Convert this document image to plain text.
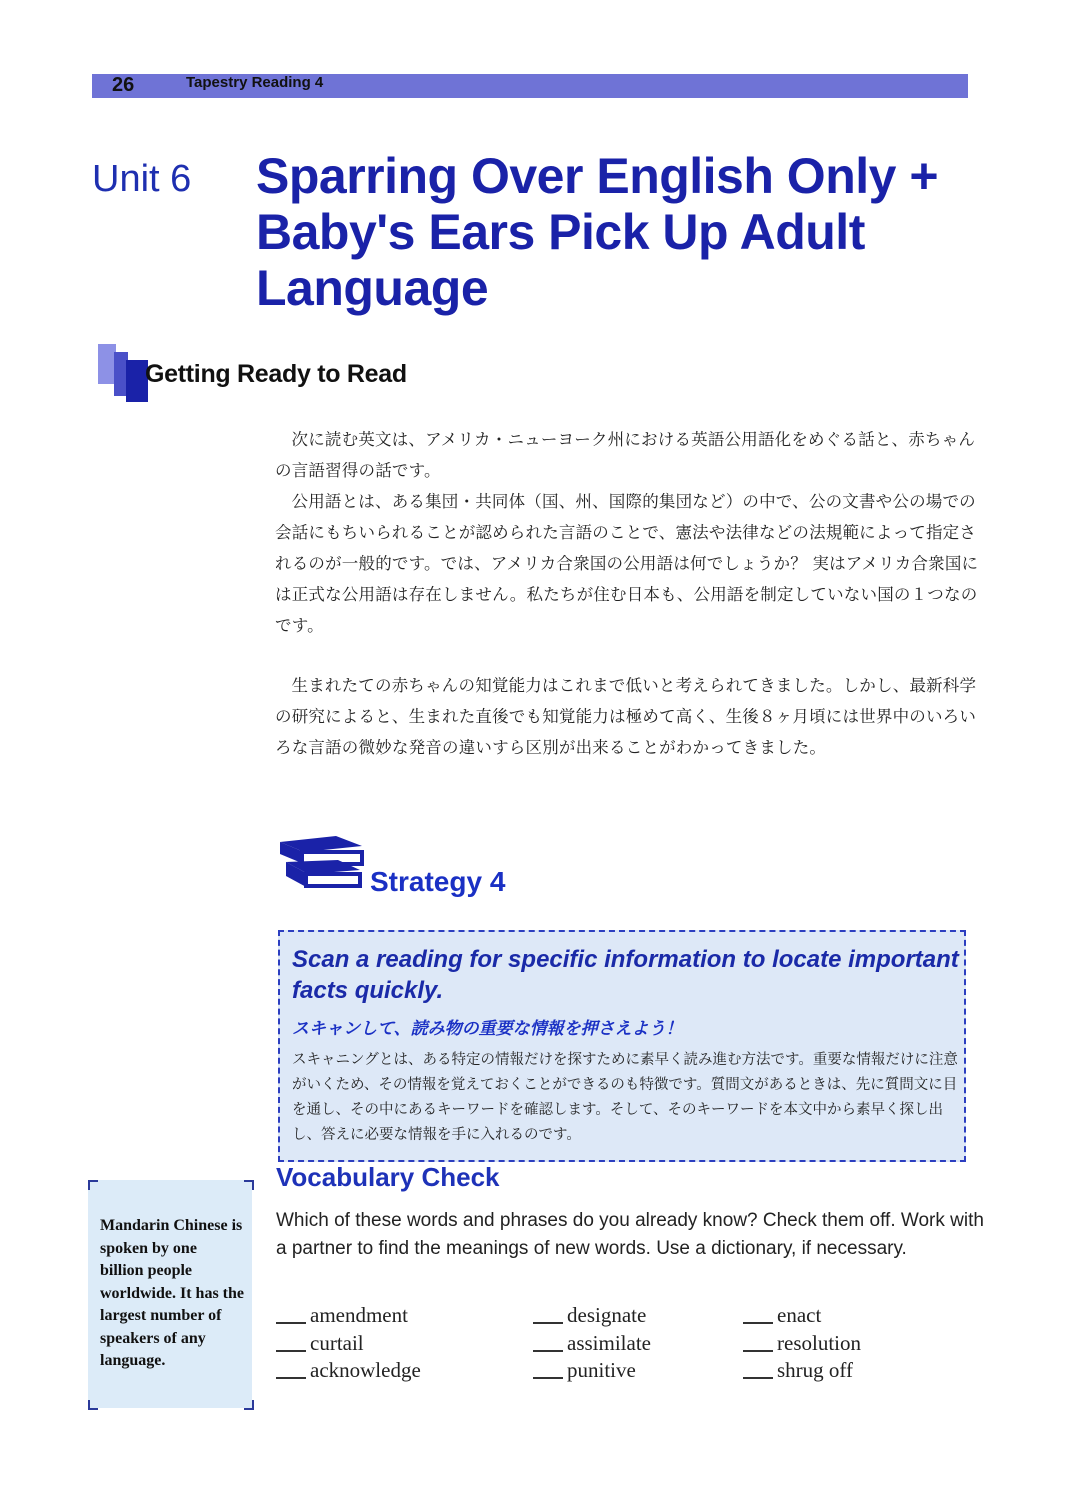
26	Tapestry Reading 4
Unit 6 Sparring Over English Only + Baby's Ears Pick Up Adult Language
Getting Ready to Read

次に読む英文は、アメリカ・ニューヨーク州における英語公用語化をめぐる話と、赤ちゃんの言語習得の話です。

公用語とは、ある集団・共同体（国、州、国際的集団など）の中で、公の文書や公の場での会話にもちいられることが認められた言語のことで、憲法や法律などの法規範によって指定されるのが一般的です。では、アメリカ合衆国の公用語は何でしょうか？ 実はアメリカ合衆国には正式な公用語は存在しません。私たちが住む日本も、公用語を制定していない国の１つなのです。

生まれたての赤ちゃんの知覚能力はこれまで低いと考えられてきました。しかし、最新科学の研究によると、生まれた直後でも知覚能力は極めて高く、生後８ヶ月頃には世界中のいろいろな言語の微妙な発音の違いすら区別が出来ることがわかってきました。

Strategy 4

Scan a reading for specific information to locate important facts quickly.

スキャンして、読み物の重要な情報を押さえよう！

スキャニングとは、ある特定の情報だけを探すために素早く読み進む方法です。重要な情報だけに注意がいくため、その情報を覚えておくことができるのも特徴です。質問文があるときは、先に質問文に目を通し、その中にあるキーワードを確認します。そして、そのキーワードを本文中から素早く探し出し、答えに必要な情報を手に入れるのです。

Vocabulary Check

Which of these words and phrases do you already know? Check them off. Work with a partner to find the meanings of new words. Use a dictionary, if necessary.

amendment
curtail
acknowledge
designate
assimilate
punitive
enact
resolution
shrug off

Mandarin Chinese is spoken by one billion people worldwide. It has the largest number of speakers of any language.
